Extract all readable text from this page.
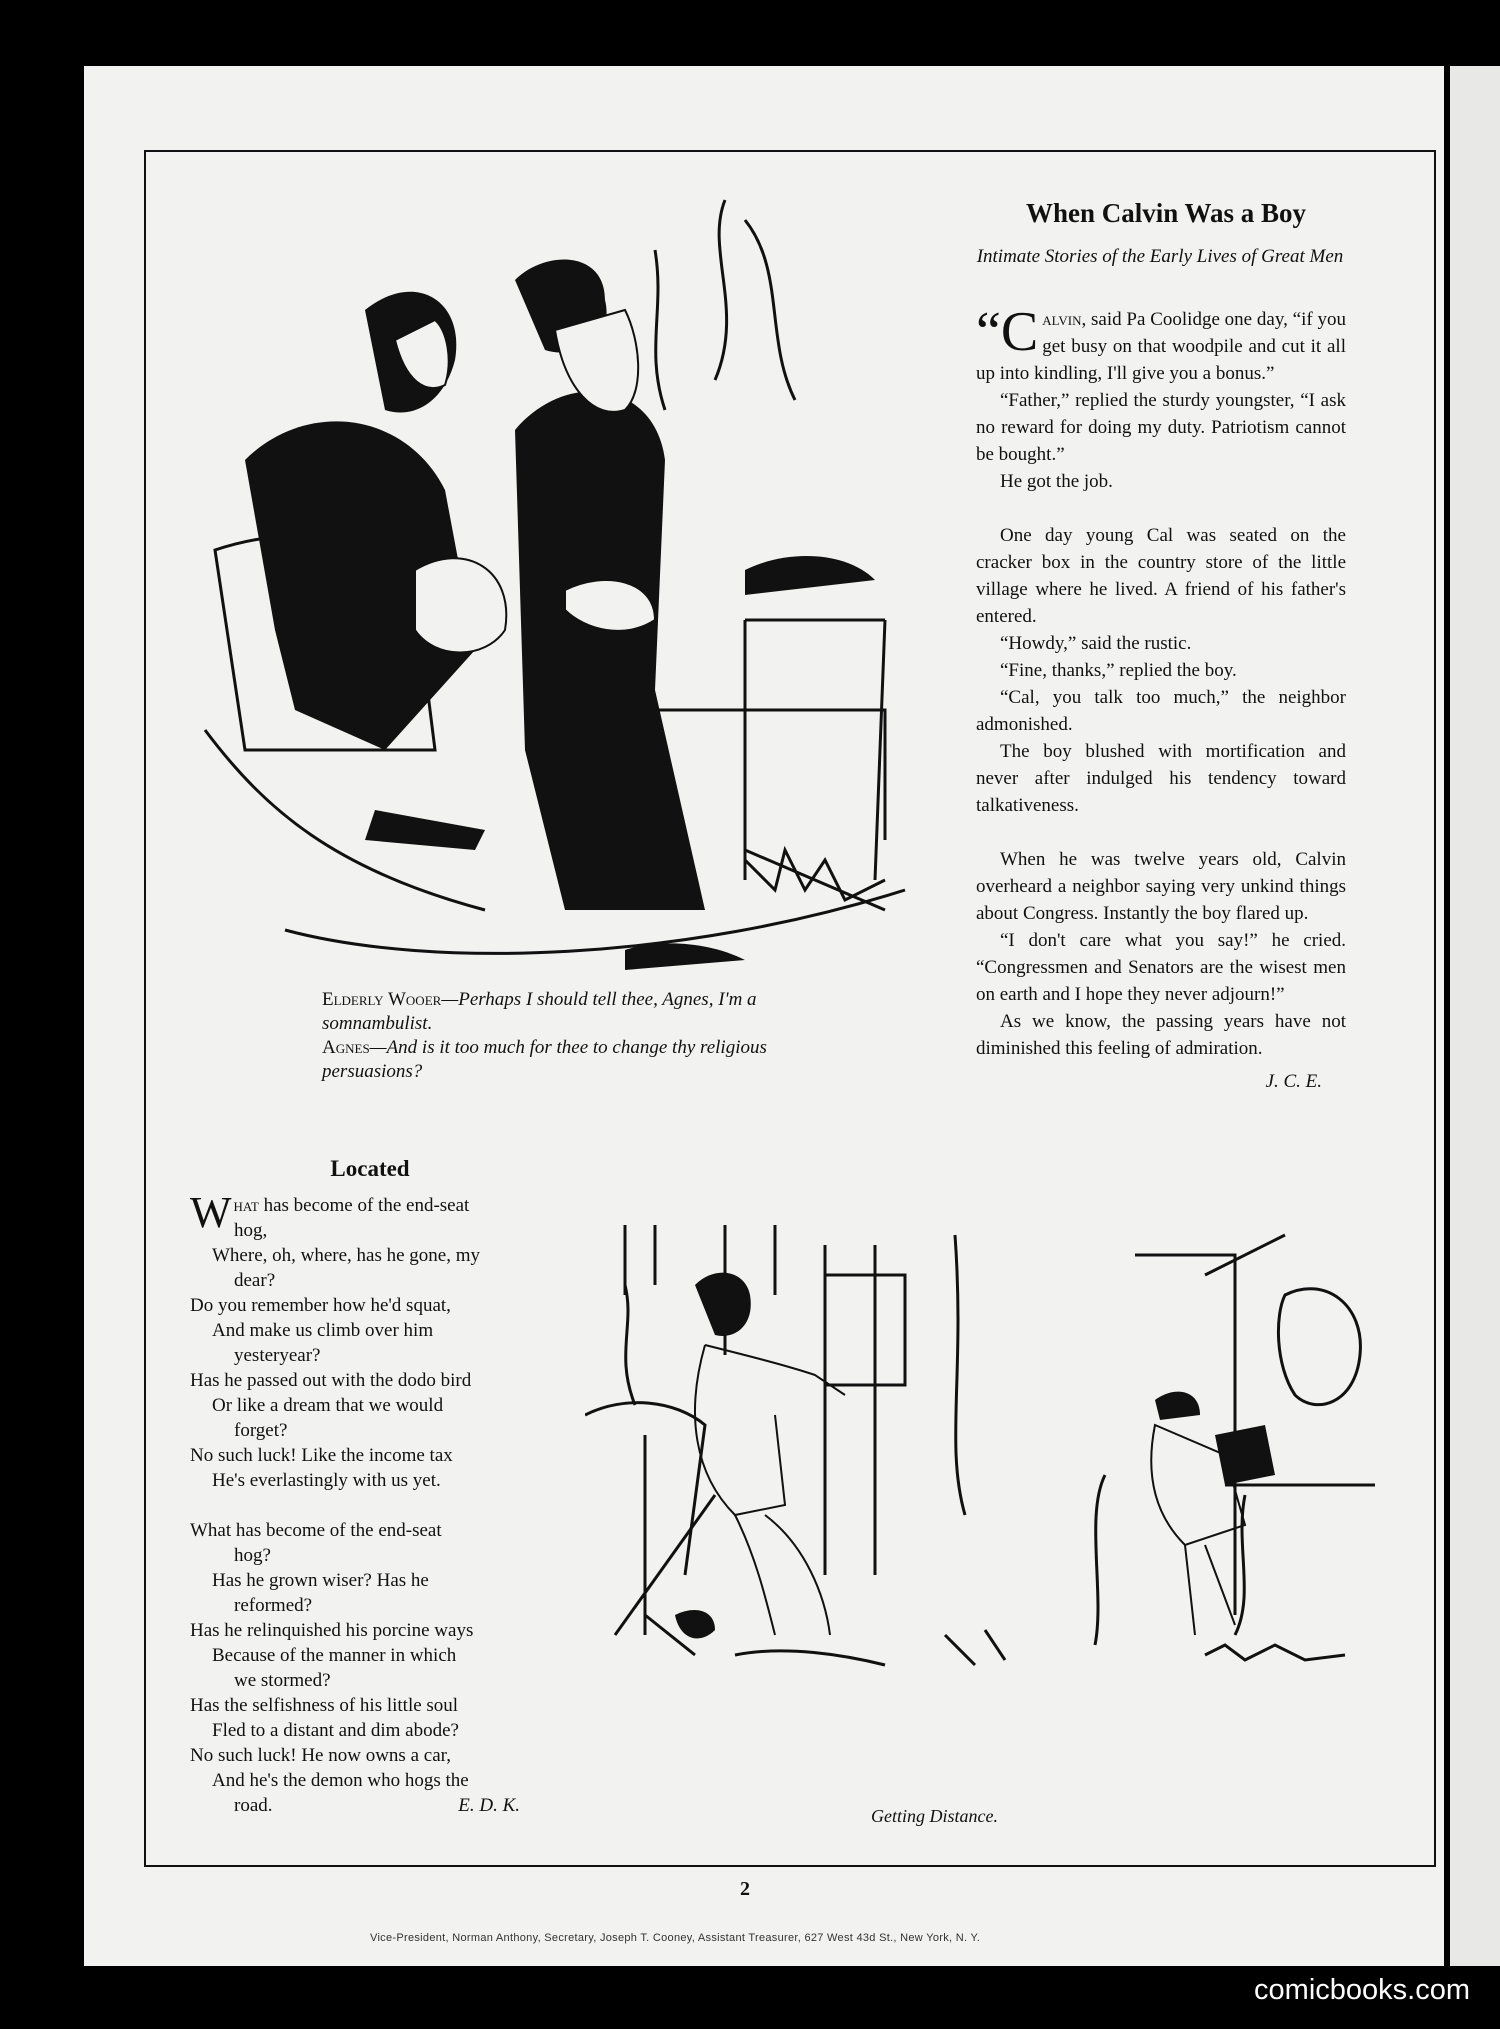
Elderly Wooer—Perhaps I should tell thee, Agnes, I'm a somnambulist.
Agnes—And is it too much for thee to change thy religious persuasions?
When Calvin Was a Boy
Intimate Stories of the Early Lives of Great Men

“Calvin, said Pa Coolidge one day, “if you get busy on that woodpile and cut it all up into kindling, I'll give you a bonus.”

“Father,” replied the sturdy youngster, “I ask no reward for doing my duty. Patriotism cannot be bought.”

He got the job.

One day young Cal was seated on the cracker box in the country store of the little village where he lived. A friend of his father's entered.

“Howdy,” said the rustic.

“Fine, thanks,” replied the boy.

“Cal, you talk too much,” the neighbor admonished.

The boy blushed with mortification and never after indulged his tendency toward talkativeness.

When he was twelve years old, Calvin overheard a neighbor saying very unkind things about Congress. Instantly the boy flared up.

“I don't care what you say!” he cried. “Congressmen and Senators are the wisest men on earth and I hope they never adjourn!”

As we know, the passing years have not diminished this feeling of admiration.

J. C. E.
Located
What has become of the end-seat
hog,
Where, oh, where, has he gone, my
dear?
Do you remember how he'd squat,
And make us climb over him
yesteryear?
Has he passed out with the dodo bird
Or like a dream that we would
forget?
No such luck! Like the income tax
He's everlastingly with us yet.
What has become of the end-seat
hog?
Has he grown wiser? Has he
reformed?
Has he relinquished his porcine ways
Because of the manner in which
we stormed?
Has the selfishness of his little soul
Fled to a distant and dim abode?
No such luck! He now owns a car,
And he's the demon who hogs the
road.	E. D. K.	Getting Distance.
2
Vice-President, Norman Anthony, Secretary, Joseph T. Cooney, Assistant Treasurer, 627 West 43d St., New York, N. Y.
comicbooks.com
